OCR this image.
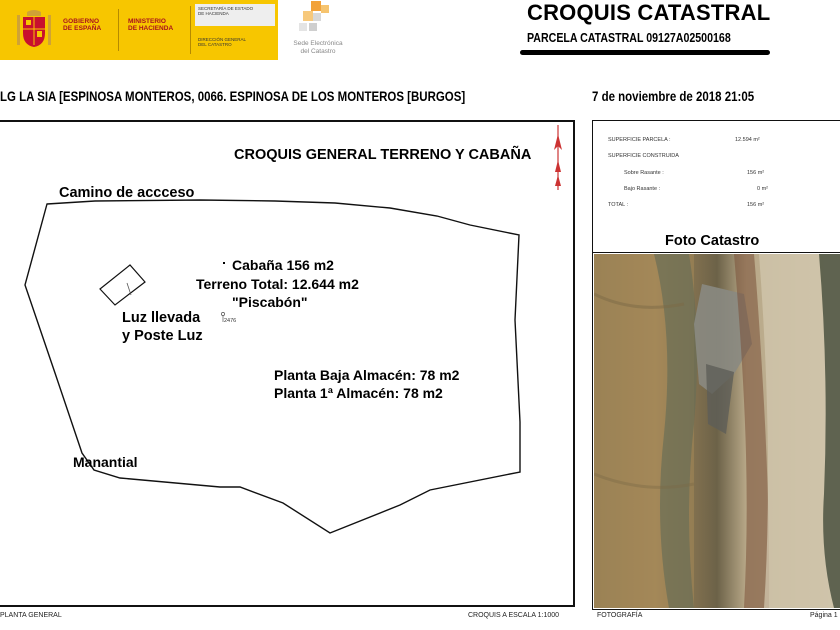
GOBIERNO
DE ESPAÑA
MINISTERIO
DE HACIENDA
SECRETARÍA DE ESTADO
DE HACIENDA
DIRECCIÓN GENERAL
DEL CATASTRO	Sede Electrónica
del Catastro
CROQUIS CATASTRAL
PARCELA CATASTRAL 09127A02500168
LG LA SIA [ESPINOSA MONTEROS, 0066. ESPINOSA DE LOS MONTEROS [BURGOS]	7 de noviembre de 2018 21:05
CROQUIS GENERAL TERRENO Y CABAÑA
Camino de accceso
Cabaña 156 m2
Terreno Total: 12.644 m2
"Piscabón"
2476
Luz llevada
y Poste Luz
Planta Baja Almacén: 78 m2
Planta 1ª Almacén: 78 m2
Manantial
PLANTA GENERAL	CROQUIS A ESCALA 1:1000
SUPERFICIE PARCELA :	12.594 m²
SUPERFICIE CONSTRUIDA
Sobre Rasante :	156 m²
Bajo Rasante :	0 m²
TOTAL :	156 m²
Foto Catastro
FOTOGRAFÍA	Página 1
